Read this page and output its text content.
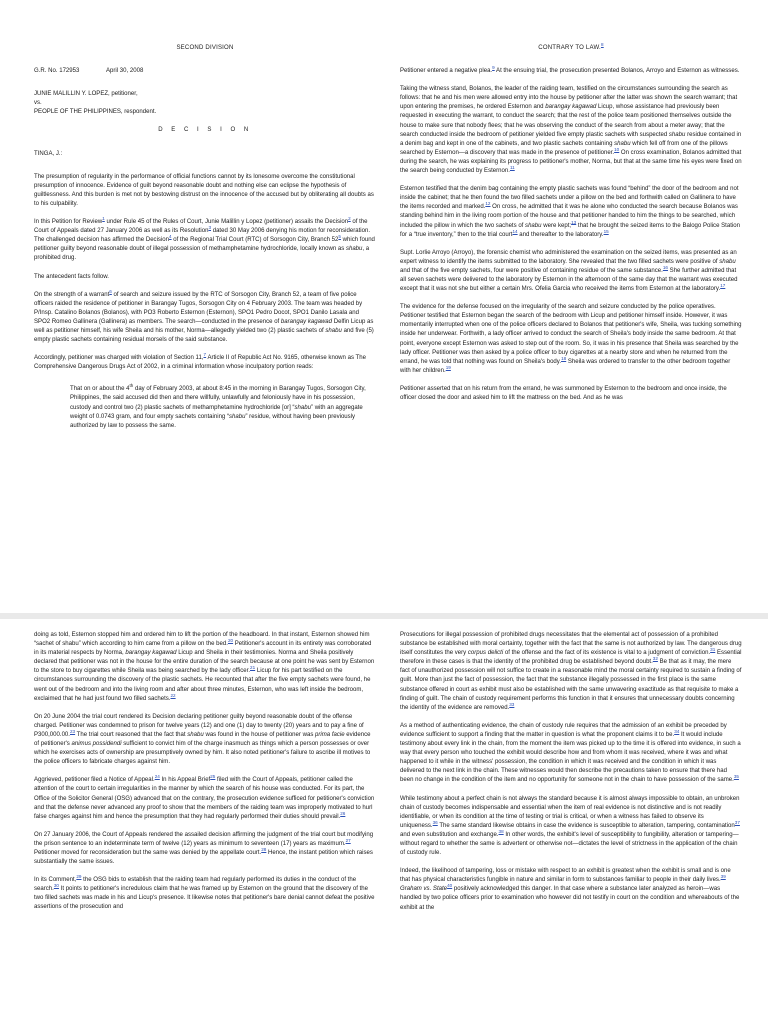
SECOND DIVISION

G.R. No. 172953	April 30, 2008

JUNIE MALILLIN Y. LOPEZ, petitioner,
vs.
PEOPLE OF THE PHILIPPINES, respondent.

D E C I S I O N

TINGA, J.:

The presumption of regularity in the performance of official functions cannot by its lonesome overcome the constitutional presumption of innocence. Evidence of guilt beyond reasonable doubt and nothing else can eclipse the hypothesis of guiltlessness. And this burden is met not by bestowing distrust on the innocence of the accused but by obliterating all doubts as to his culpability.

In this Petition for Review$^1$ under Rule 45 of the Rules of Court, Junie Malillin y Lopez (petitioner) assails the Decision$^2$ of the Court of Appeals dated 27 January 2006 as well as its Resolution$^3$ dated 30 May 2006 denying his motion for reconsideration. The challenged decision has affirmed the Decision$^4$ of the Regional Trial Court (RTC) of Sorsogon City, Branch 52$^5$ which found petitioner guilty beyond reasonable doubt of illegal possession of methamphetamine hydrochloride, locally known as shabu, a prohibited drug.

The antecedent facts follow.

On the strength of a warrant$^6$ of search and seizure issued by the RTC of Sorsogon City, Branch 52, a team of five police officers raided the residence of petitioner in Barangay Tugos, Sorsogon City on 4 February 2003. The team was headed by P/Insp. Catalino Bolanos (Bolanos), with PO3 Roberto Esternon (Esternon), SPO1 Pedro Docot, SPO1 Danilo Lasala and SPO2 Romeo Gallinera (Gallinera) as members. The search—conducted in the presence of barangay kagawad Delfin Licup as well as petitioner himself, his wife Sheila and his mother, Norma—allegedly yielded two (2) plastic sachets of shabu and five (5) empty plastic sachets containing residual morsels of the said substance.

Accordingly, petitioner was charged with violation of Section 11,$^7$ Article II of Republic Act No. 9165, otherwise known as The Comprehensive Dangerous Drugs Act of 2002, in a criminal information whose inculpatory portion reads:

That on or about the 4th day of February 2003, at about 8:45 in the morning in Barangay Tugos, Sorsogon City, Philippines, the said accused did then and there willfully, unlawfully and feloniously have in his possession, custody and control two (2) plastic sachets of methamphetamine hydrochloride [or] “shabu” with an aggregate weight of 0.0743 gram, and four empty sachets containing “shabu” residue, without having been previously authorized by law to possess the same.

CONTRARY TO LAW.$^8$

Petitioner entered a negative plea.$^9$ At the ensuing trial, the prosecution presented Bolanos, Arroyo and Esternon as witnesses.

Taking the witness stand, Bolanos, the leader of the raiding team, testified on the circumstances surrounding the search as follows: that he and his men were allowed entry into the house by petitioner after the latter was shown the search warrant; that upon entering the premises, he ordered Esternon and barangay kagawad Licup, whose assistance had previously been requested in executing the warrant, to conduct the search; that the rest of the police team positioned themselves outside the house to make sure that nobody flees; that he was observing the conduct of the search from about a meter away; that the search conducted inside the bedroom of petitioner yielded five empty plastic sachets with suspected shabu residue contained in a denim bag and kept in one of the cabinets, and two plastic sachets containing shabu which fell off from one of the pillows searched by Esternon—a discovery that was made in the presence of petitioner.$^{10}$ On cross examination, Bolanos admitted that during the search, he was explaining its progress to petitioner's mother, Norma, but that at the same time his eyes were fixed on the search being conducted by Esternon.$^{11}$

Esternon testified that the denim bag containing the empty plastic sachets was found “behind” the door of the bedroom and not inside the cabinet; that he then found the two filled sachets under a pillow on the bed and forthwith called on Gallinera to have the items recorded and marked.$^{12}$ On cross, he admitted that it was he alone who conducted the search because Bolanos was standing behind him in the living room portion of the house and that petitioner handed to him the things to be searched, which included the pillow in which the two sachets of shabu were kept;$^{13}$ that he brought the seized items to the Balogo Police Station for a “true inventory,” then to the trial court$^{14}$ and thereafter to the laboratory.$^{15}$

Supt. Lorlie Arroyo (Arroyo), the forensic chemist who administered the examination on the seized items, was presented as an expert witness to identify the items submitted to the laboratory. She revealed that the two filled sachets were positive of shabu and that of the five empty sachets, four were positive of containing residue of the same substance.$^{16}$ She further admitted that all seven sachets were delivered to the laboratory by Esternon in the afternoon of the same day that the warrant was executed except that it was not she but either a certain Mrs. Ofelia Garcia who received the items from Esternon at the laboratory.$^{17}$

The evidence for the defense focused on the irregularity of the search and seizure conducted by the police operatives. Petitioner testified that Esternon began the search of the bedroom with Licup and petitioner himself inside. However, it was momentarily interrupted when one of the police officers declared to Bolanos that petitioner's wife, Sheila, was tucking something inside her underwear. Forthwith, a lady officer arrived to conduct the search of Sheila's body inside the same bedroom. At that point, everyone except Esternon was asked to step out of the room. So, it was in his presence that Sheila was searched by the lady officer. Petitioner was then asked by a police officer to buy cigarettes at a nearby store and when he returned from the errand, he was told that nothing was found on Sheila's body.$^{18}$ Sheila was ordered to transfer to the other bedroom together with her children.$^{19}$

Petitioner asserted that on his return from the errand, he was summoned by Esternon to the bedroom and once inside, the officer closed the door and asked him to lift the mattress on the bed. And as he was

doing as told, Esternon stopped him and ordered him to lift the portion of the headboard. In that instant, Esternon showed him “sachet of shabu” which according to him came from a pillow on the bed.$^{20}$ Petitioner's account in its entirety was corroborated in its material respects by Norma, barangay kagawad Licup and Sheila in their testimonies. Norma and Sheila positively declared that petitioner was not in the house for the entire duration of the search because at one point he was sent by Esternon to the store to buy cigarettes while Sheila was being searched by the lady officer.$^{21}$ Licup for his part testified on the circumstances surrounding the discovery of the plastic sachets. He recounted that after the five empty sachets were found, he went out of the bedroom and into the living room and after about three minutes, Esternon, who was left inside the bedroom, exclaimed that he had just found two filled sachets.$^{22}$

On 20 June 2004 the trial court rendered its Decision declaring petitioner guilty beyond reasonable doubt of the offense charged. Petitioner was condemned to prison for twelve years (12) and one (1) day to twenty (20) years and to pay a fine of P300,000.00.23 The trial court reasoned that the fact that shabu was found in the house of petitioner was prima facie evidence of petitioner's animus possidendi sufficient to convict him of the charge inasmuch as things which a person possesses or over which he exercises acts of ownership are presumptively owned by him. It also noted petitioner's failure to ascribe ill motives to the police officers to fabricate charges against him.

Aggrieved, petitioner filed a Notice of Appeal.$^{24}$ In his Appeal Brief$^{25}$ filed with the Court of Appeals, petitioner called the attention of the court to certain irregularities in the manner by which the search of his house was conducted. For its part, the Office of the Solicitor General (OSG) advanced that on the contrary, the prosecution evidence sufficed for petitioner's conviction and that the defense never advanced any proof to show that the members of the raiding team was improperly motivated to hurl false charges against him and hence the presumption that they had regularly performed their duties should prevail.$^{26}$

On 27 January 2006, the Court of Appeals rendered the assailed decision affirming the judgment of the trial court but modifying the prison sentence to an indeterminate term of twelve (12) years as minimum to seventeen (17) years as maximum.$^{27}$ Petitioner moved for reconsideration but the same was denied by the appellate court.$^{28}$ Hence, the instant petition which raises substantially the same issues.

In its Comment,$^{29}$ the OSG bids to establish that the raiding team had regularly performed its duties in the conduct of the search.$^{30}$ It points to petitioner's incredulous claim that he was framed up by Esternon on the ground that the discovery of the two filled sachets was made in his and Licup's presence. It likewise notes that petitioner's bare denial cannot defeat the positive assertions of the prosecution and

Prosecutions for illegal possession of prohibited drugs necessitates that the elemental act of possession of a prohibited substance be established with moral certainty, together with the fact that the same is not authorized by law. The dangerous drug itself constitutes the very corpus delicti of the offense and the fact of its existence is vital to a judgment of conviction.$^{31}$ Essential therefore in these cases is that the identity of the prohibited drug be established beyond doubt.$^{32}$ Be that as it may, the mere fact of unauthorized possession will not suffice to create in a reasonable mind the moral certainty required to sustain a finding of guilt. More than just the fact of possession, the fact that the substance illegally possessed in the first place is the same substance offered in court as exhibit must also be established with the same unwavering exactitude as that requisite to make a finding of guilt. The chain of custody requirement performs this function in that it ensures that unnecessary doubts concerning the identity of the evidence are removed.$^{33}$

As a method of authenticating evidence, the chain of custody rule requires that the admission of an exhibit be preceded by evidence sufficient to support a finding that the matter in question is what the proponent claims it to be.$^{34}$ It would include testimony about every link in the chain, from the moment the item was picked up to the time it is offered into evidence, in such a way that every person who touched the exhibit would describe how and from whom it was received, where it was and what happened to it while in the witness' possession, the condition in which it was received and the condition in which it was delivered to the next link in the chain. These witnesses would then describe the precautions taken to ensure that there had been no change in the condition of the item and no opportunity for someone not in the chain to have possession of the same.$^{35}$

While testimony about a perfect chain is not always the standard because it is almost always impossible to obtain, an unbroken chain of custody becomes indispensable and essential when the item of real evidence is not distinctive and is not readily identifiable, or when its condition at the time of testing or trial is critical, or when a witness has failed to observe its uniqueness.$^{36}$ The same standard likewise obtains in case the evidence is susceptible to alteration, tampering, contamination$^{37}$ and even substitution and exchange.$^{38}$ In other words, the exhibit's level of susceptibility to fungibility, alteration or tampering—without regard to whether the same is advertent or otherwise not—dictates the level of strictness in the application of the chain of custody rule.

Indeed, the likelihood of tampering, loss or mistake with respect to an exhibit is greatest when the exhibit is small and is one that has physical characteristics fungible in nature and similar in form to substances familiar to people in their daily lives.$^{39}$ Graham vs. State$^{40}$ positively acknowledged this danger. In that case where a substance later analyzed as heroin—was handled by two police officers prior to examination who however did not testify in court on the condition and whereabouts of the exhibit at the
